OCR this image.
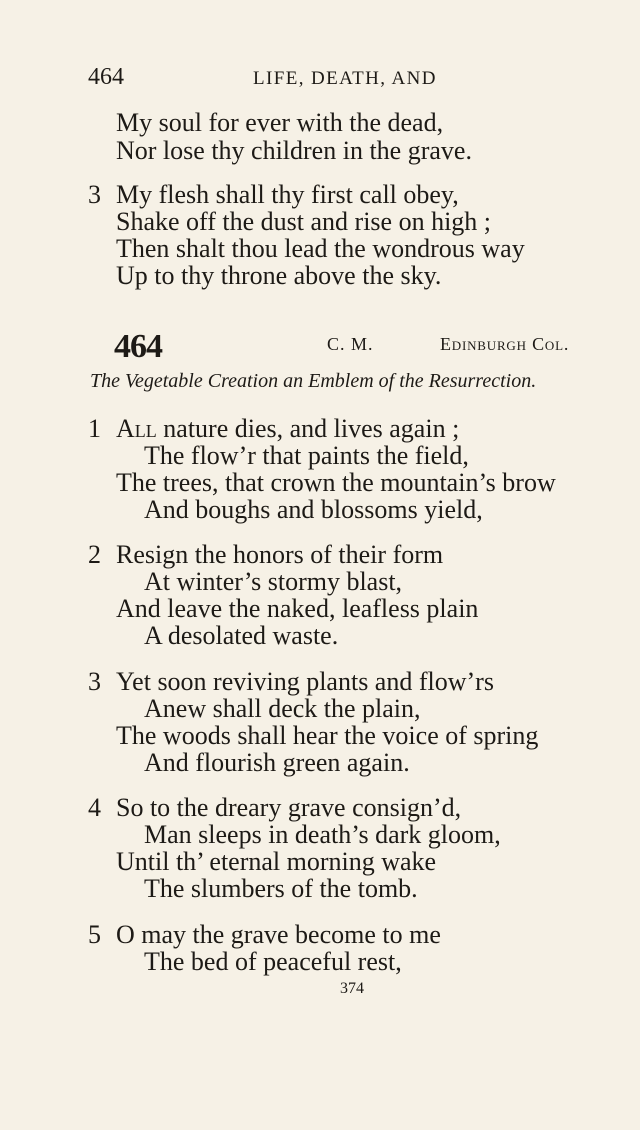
464	LIFE, DEATH, AND
My soul for ever with the dead,
Nor lose thy children in the grave.
3 My flesh shall thy first call obey,
Shake off the dust and rise on high ;
Then shalt thou lead the wondrous way
Up to thy throne above the sky.
464	C. M.	Edinburgh Col.
The Vegetable Creation an Emblem of the Resurrection.
1 All nature dies, and lives again ;
The flow’r that paints the field,
The trees, that crown the mountain’s brow
And boughs and blossoms yield,
2 Resign the honors of their form
At winter’s stormy blast,
And leave the naked, leafless plain
A desolated waste.
3 Yet soon reviving plants and flow’rs
Anew shall deck the plain,
The woods shall hear the voice of spring
And flourish green again.
4 So to the dreary grave consign’d,
Man sleeps in death’s dark gloom,
Until th’ eternal morning wake
The slumbers of the tomb.
5 O may the grave become to me
The bed of peaceful rest,
374
